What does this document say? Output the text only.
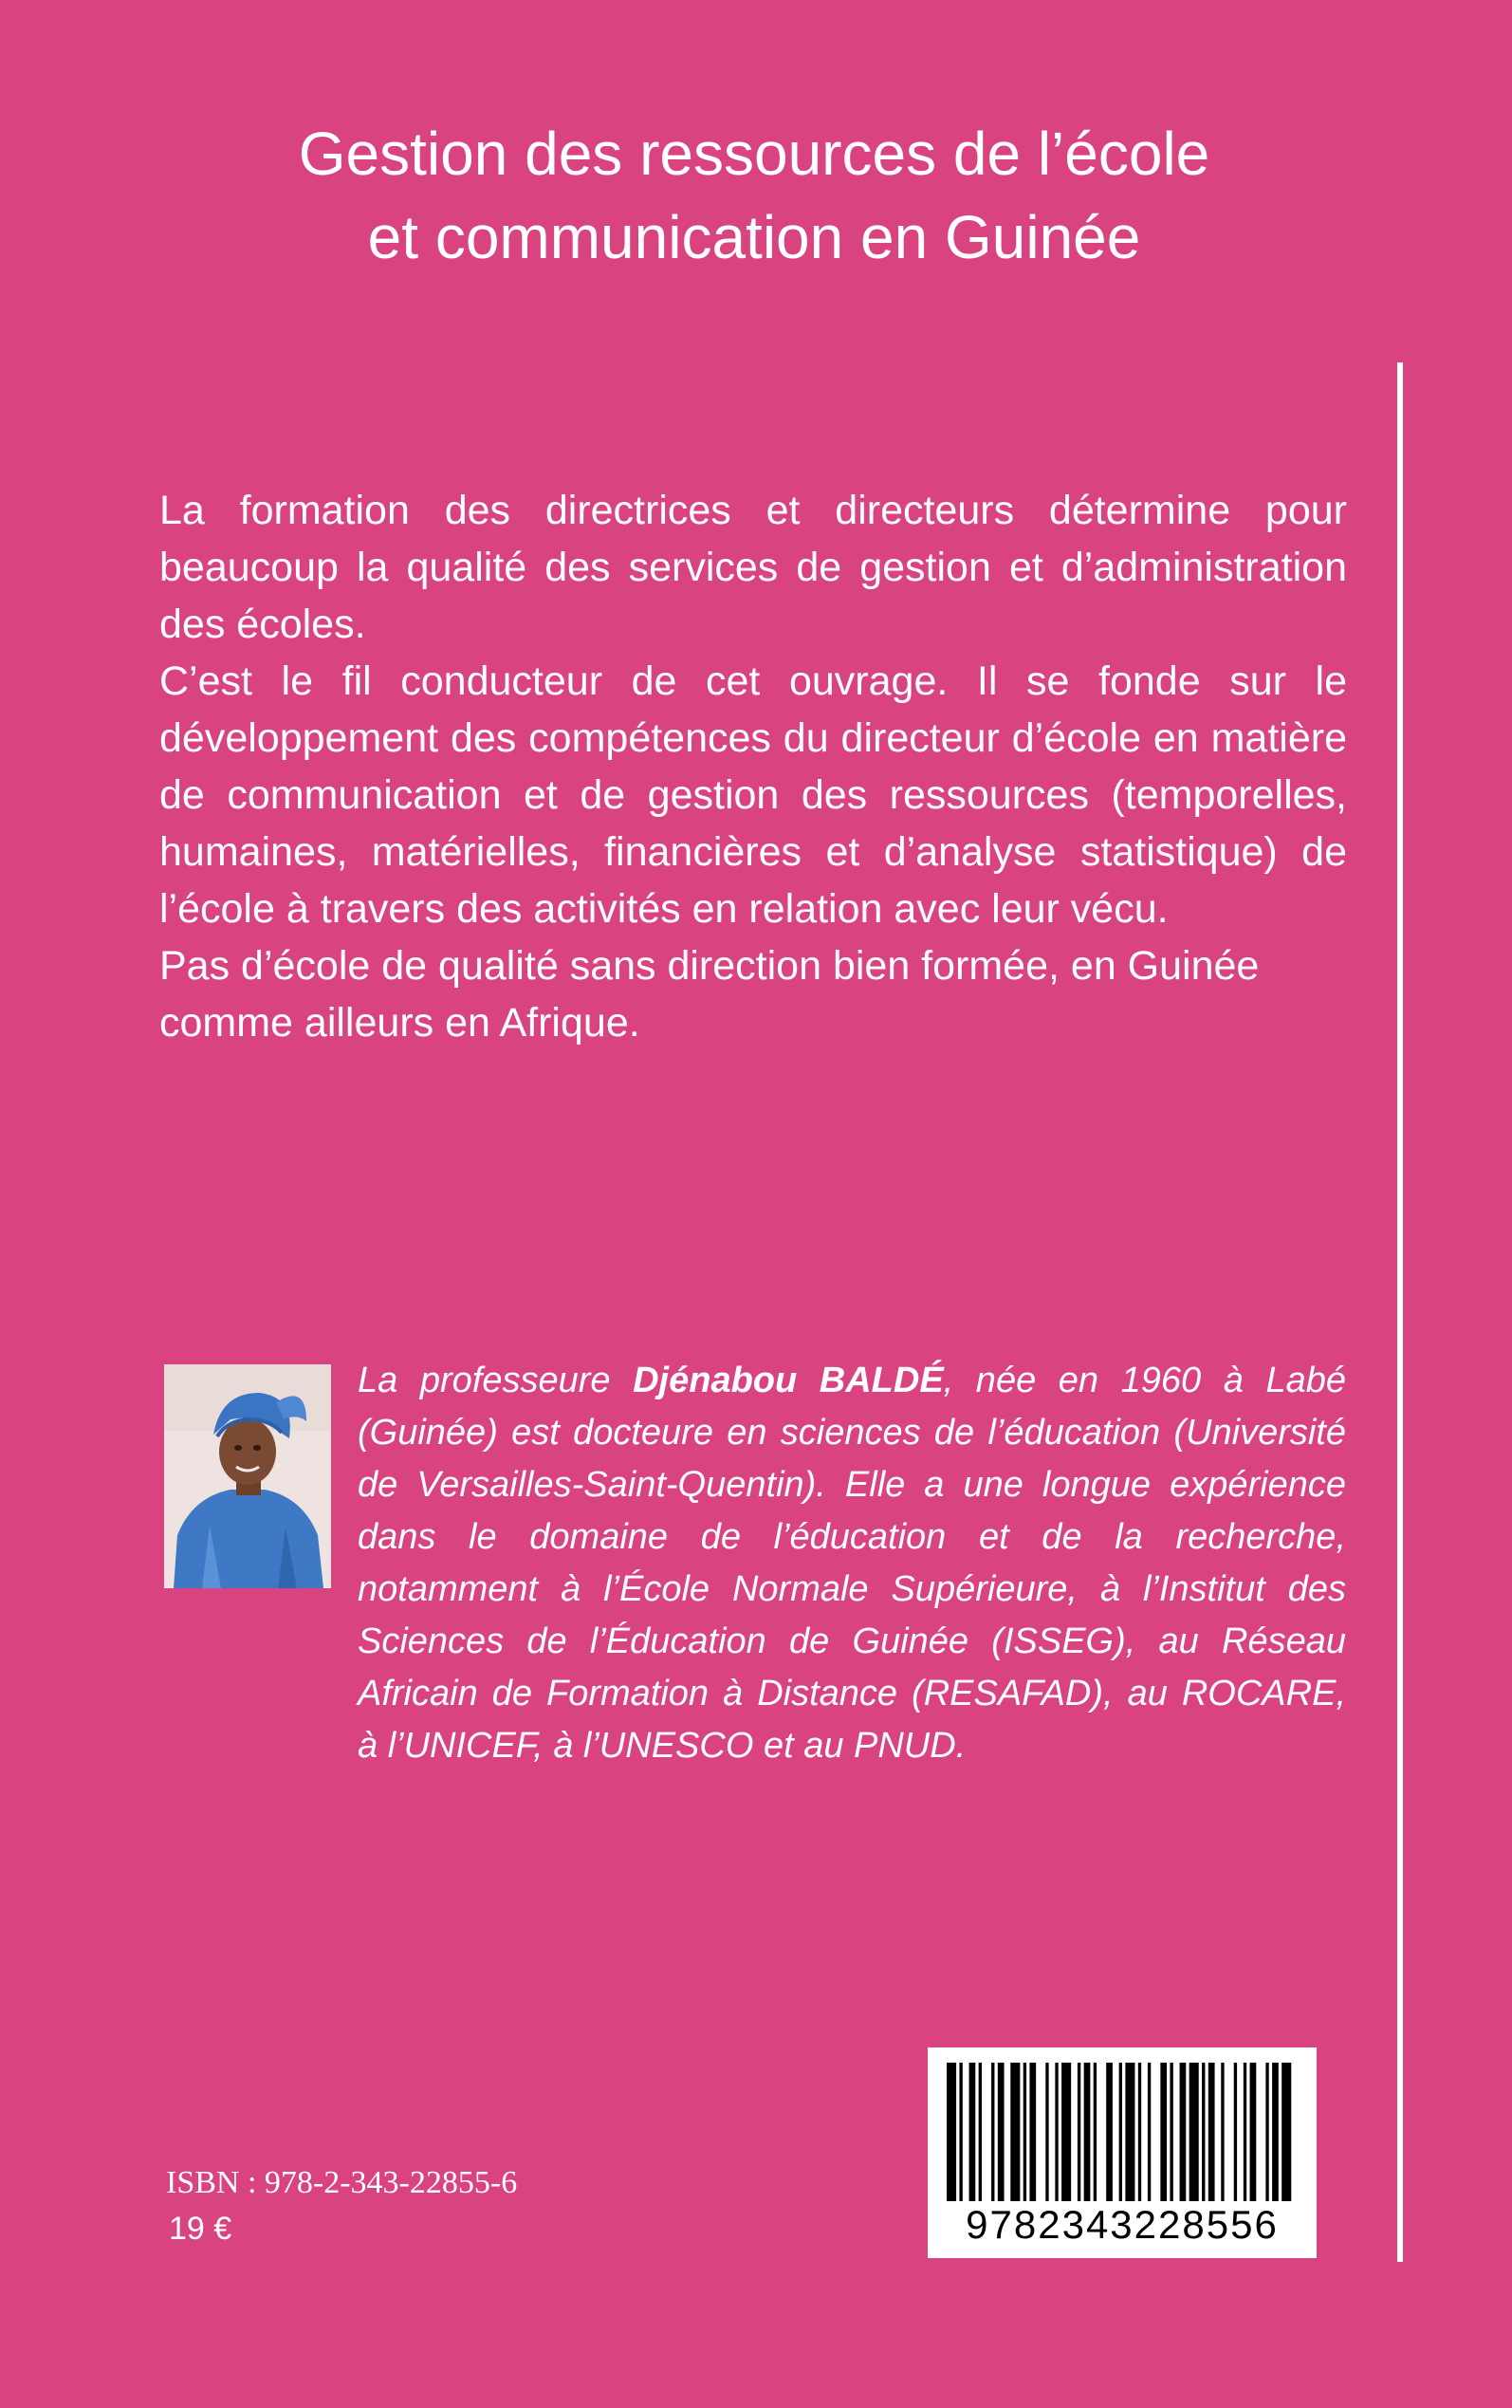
Gestion des ressources de l’école
et communication en Guinée

La formation des directrices et directeurs détermine pour beaucoup la qualité des services de gestion et d’administration des écoles.

C’est le fil conducteur de cet ouvrage. Il se fonde sur le développement des compétences du directeur d’école en matière de communication et de gestion des ressources (temporelles, humaines, matérielles, financières et d’analyse statistique) de l’école à travers des activités en relation avec leur vécu.

Pas d’école de qualité sans direction bien formée, en Guinée comme ailleurs en Afrique.

La professeure Djénabou BALDÉ, née en 1960 à Labé (Guinée) est docteure en sciences de l’éducation (Université de Versailles-Saint-Quentin). Elle a une longue expérience dans le domaine de l’éducation et de la recherche, notamment à l’École Normale Supérieure, à l’Institut des Sciences de l’Éducation de Guinée (ISSEG), au Réseau Africain de Formation à Distance (RESAFAD), au ROCARE, à l’UNICEF, à l’UNESCO et au PNUD.
ISBN : 978-2-343-22855-6
19 €	9782343228556
